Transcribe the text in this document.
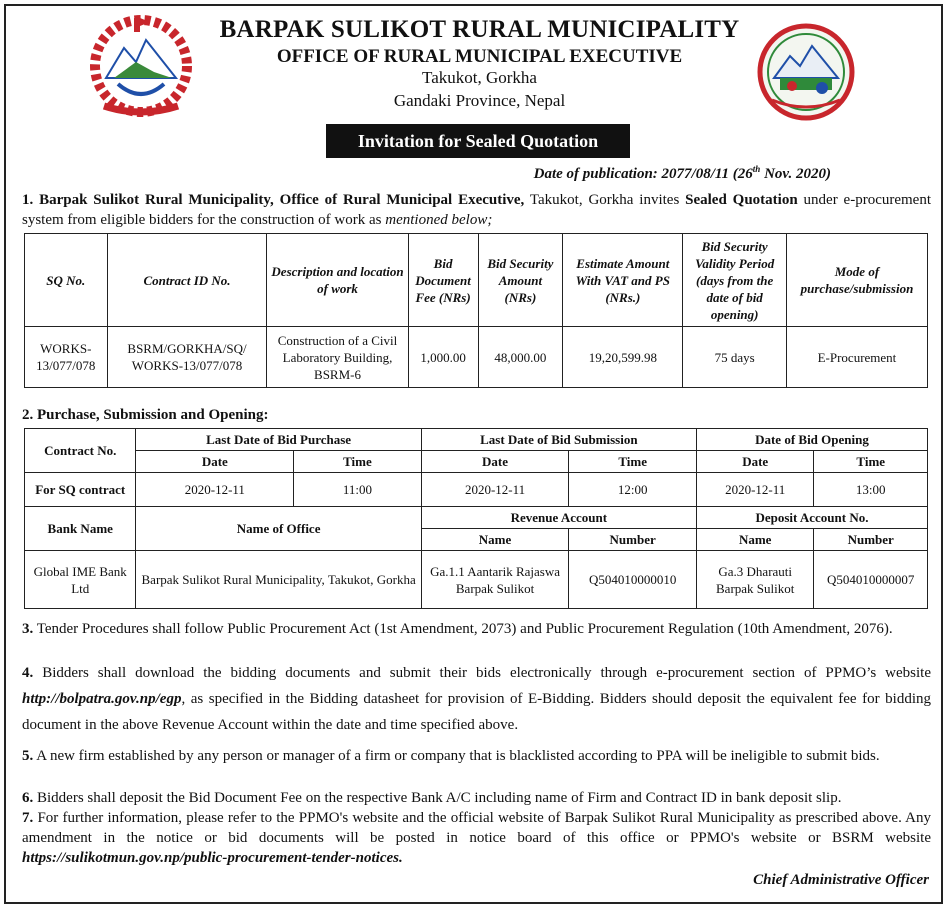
BARPAK SULIKOT RURAL MUNICIPALITY
OFFICE OF RURAL MUNICIPAL EXECUTIVE
Takukot, Gorkha
Gandaki Province, Nepal
Invitation for Sealed Quotation
Date of publication: 2077/08/11 (26th Nov. 2020)
1. Barpak Sulikot Rural Municipality, Office of Rural Municipal Executive, Takukot, Gorkha invites Sealed Quotation under e-procurement system from eligible bidders for the construction of work as mentioned below;
SQ No.	Contract ID No.	Description and location of work	Bid Document Fee (NRs)	Bid Security Amount (NRs)	Estimate Amount With VAT and PS (NRs.)	Bid Security Validity Period (days from the date of bid opening)	Mode of purchase/submission
WORKS-13/077/078	BSRM/GORKHA/SQ/ WORKS-13/077/078	Construction of a Civil Laboratory Building, BSRM-6	1,000.00	48,000.00	19,20,599.98	75 days	E-Procurement
2. Purchase, Submission and Opening:
Contract No.	Last Date of Bid Purchase		Last Date of Bid Submission		Date of Bid Opening	
	Date	Time	Date	Time	Date	Time
For SQ contract	2020-12-11	11:00	2020-12-11	12:00	2020-12-11	13:00
Bank Name	Name of Office		Revenue Account		Deposit Account No.	
			Name	Number	Name	Number
Global IME Bank Ltd	Barpak Sulikot Rural Municipality, Takukot, Gorkha		Ga.1.1 Aantarik Rajaswa Barpak Sulikot	Q504010000010	Ga.3 Dharauti Barpak Sulikot	Q504010000007
3. Tender Procedures shall follow Public Procurement Act (1st Amendment, 2073) and Public Procurement Regulation (10th Amendment, 2076).
4. Bidders shall download the bidding documents and submit their bids electronically through e-procurement section of PPMO’s website http://bolpatra.gov.np/egp, as specified in the Bidding datasheet for provision of E-Bidding. Bidders should deposit the equivalent fee for bidding document in the above Revenue Account within the date and time specified above.
5. A new firm established by any person or manager of a firm or company that is blacklisted according to PPA will be ineligible to submit bids.
6. Bidders shall deposit the Bid Document Fee on the respective Bank A/C including name of Firm and Contract ID in bank deposit slip.
7. For further information, please refer to the PPMO's website and the official website of Barpak Sulikot Rural Municipality as prescribed above. Any amendment in the notice or bid documents will be posted in notice board of this office or PPMO's website or BSRM website https://sulikotmun.gov.np/public-procurement-tender-notices.
Chief Administrative Officer
